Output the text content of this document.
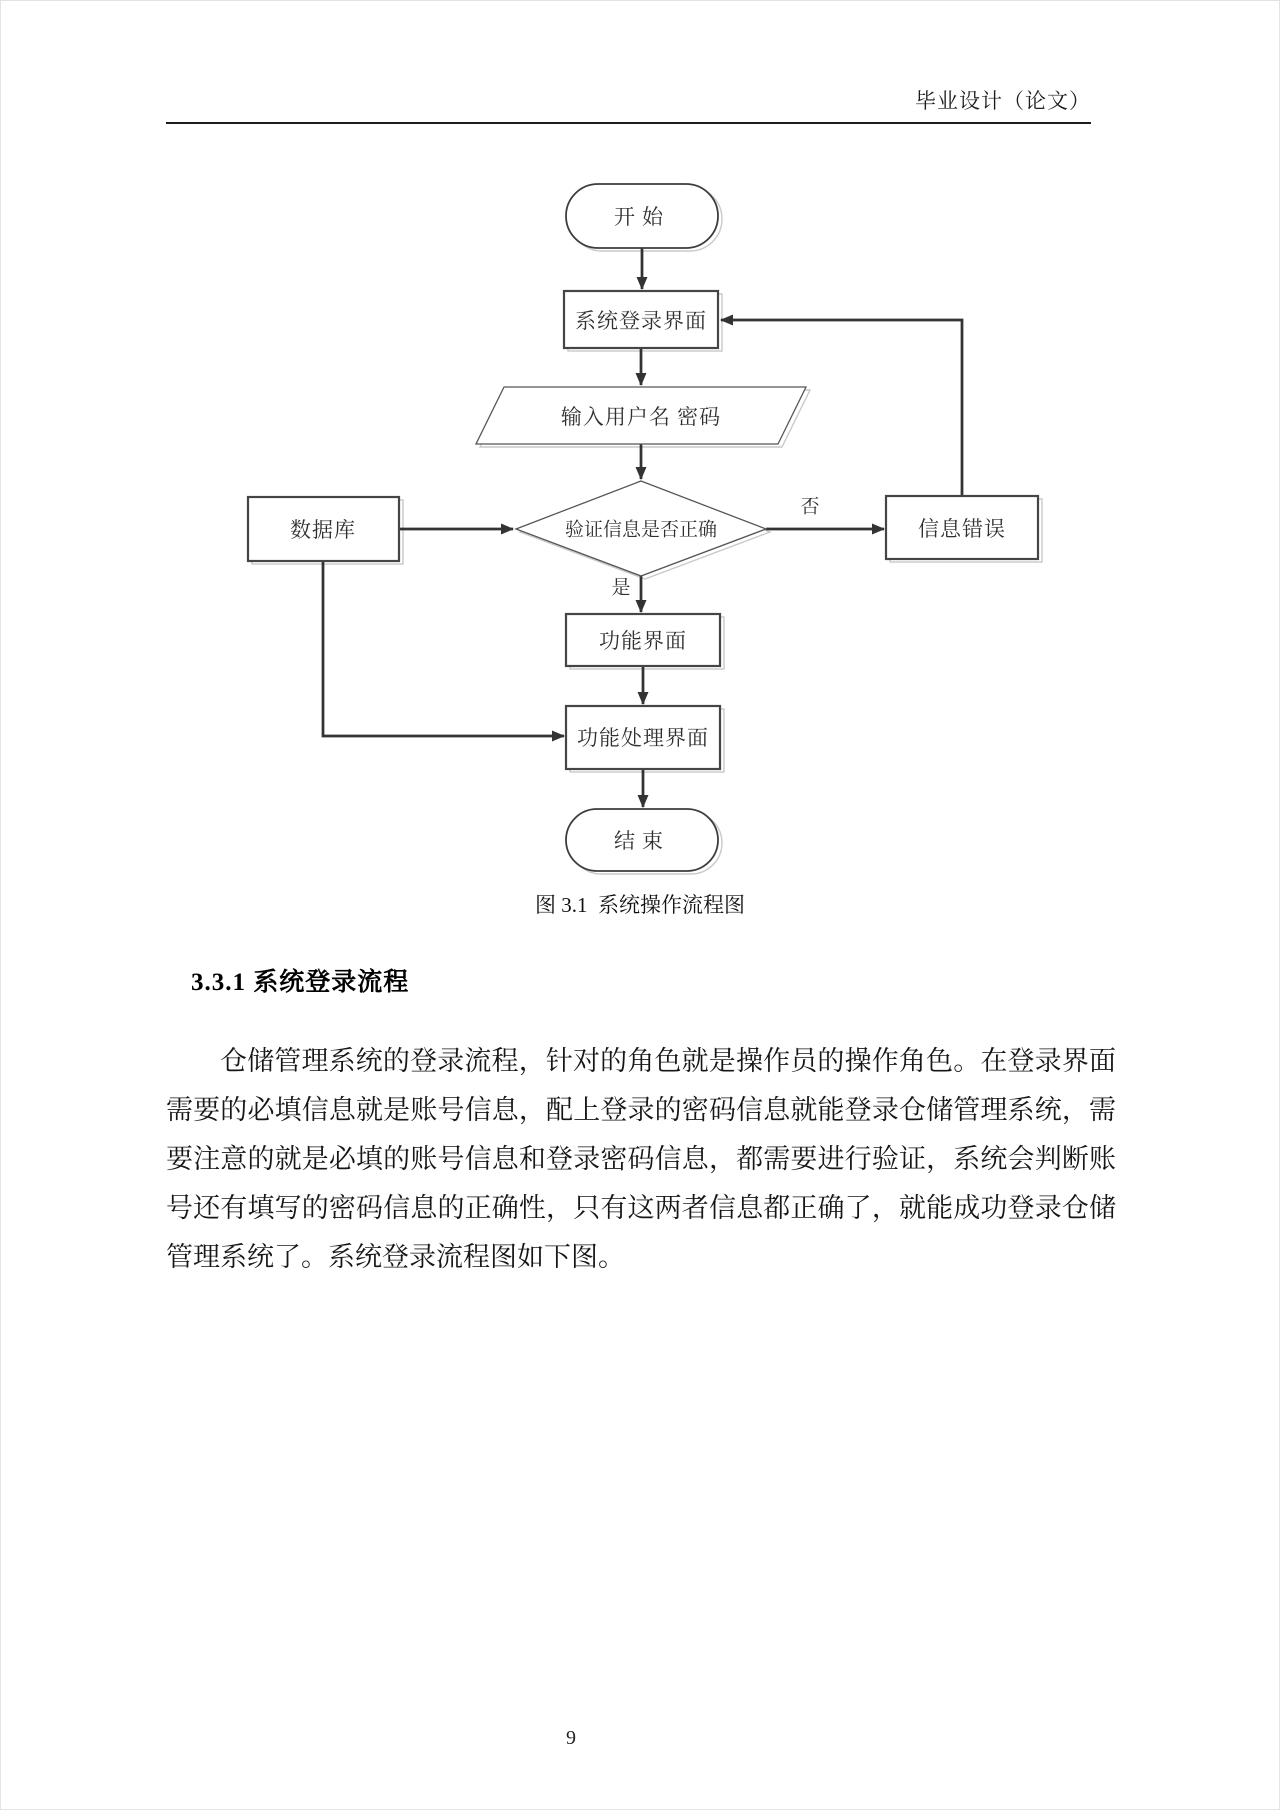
毕业设计（论文）
开始
系统登录界面
输入用户名 密码
验证信息是否正确
数据库	信息错误
功能界面
功能处理界面
结束
否
是
图 3.1  系统操作流程图
3.3.1 系统登录流程
仓储管理系统的登录流程，针对的角色就是操作员的操作角色。在登录界面
需要的必填信息就是账号信息，配上登录的密码信息就能登录仓储管理系统，需
要注意的就是必填的账号信息和登录密码信息，都需要进行验证，系统会判断账
号还有填写的密码信息的正确性，只有这两者信息都正确了，就能成功登录仓储
管理系统了。系统登录流程图如下图。
9
